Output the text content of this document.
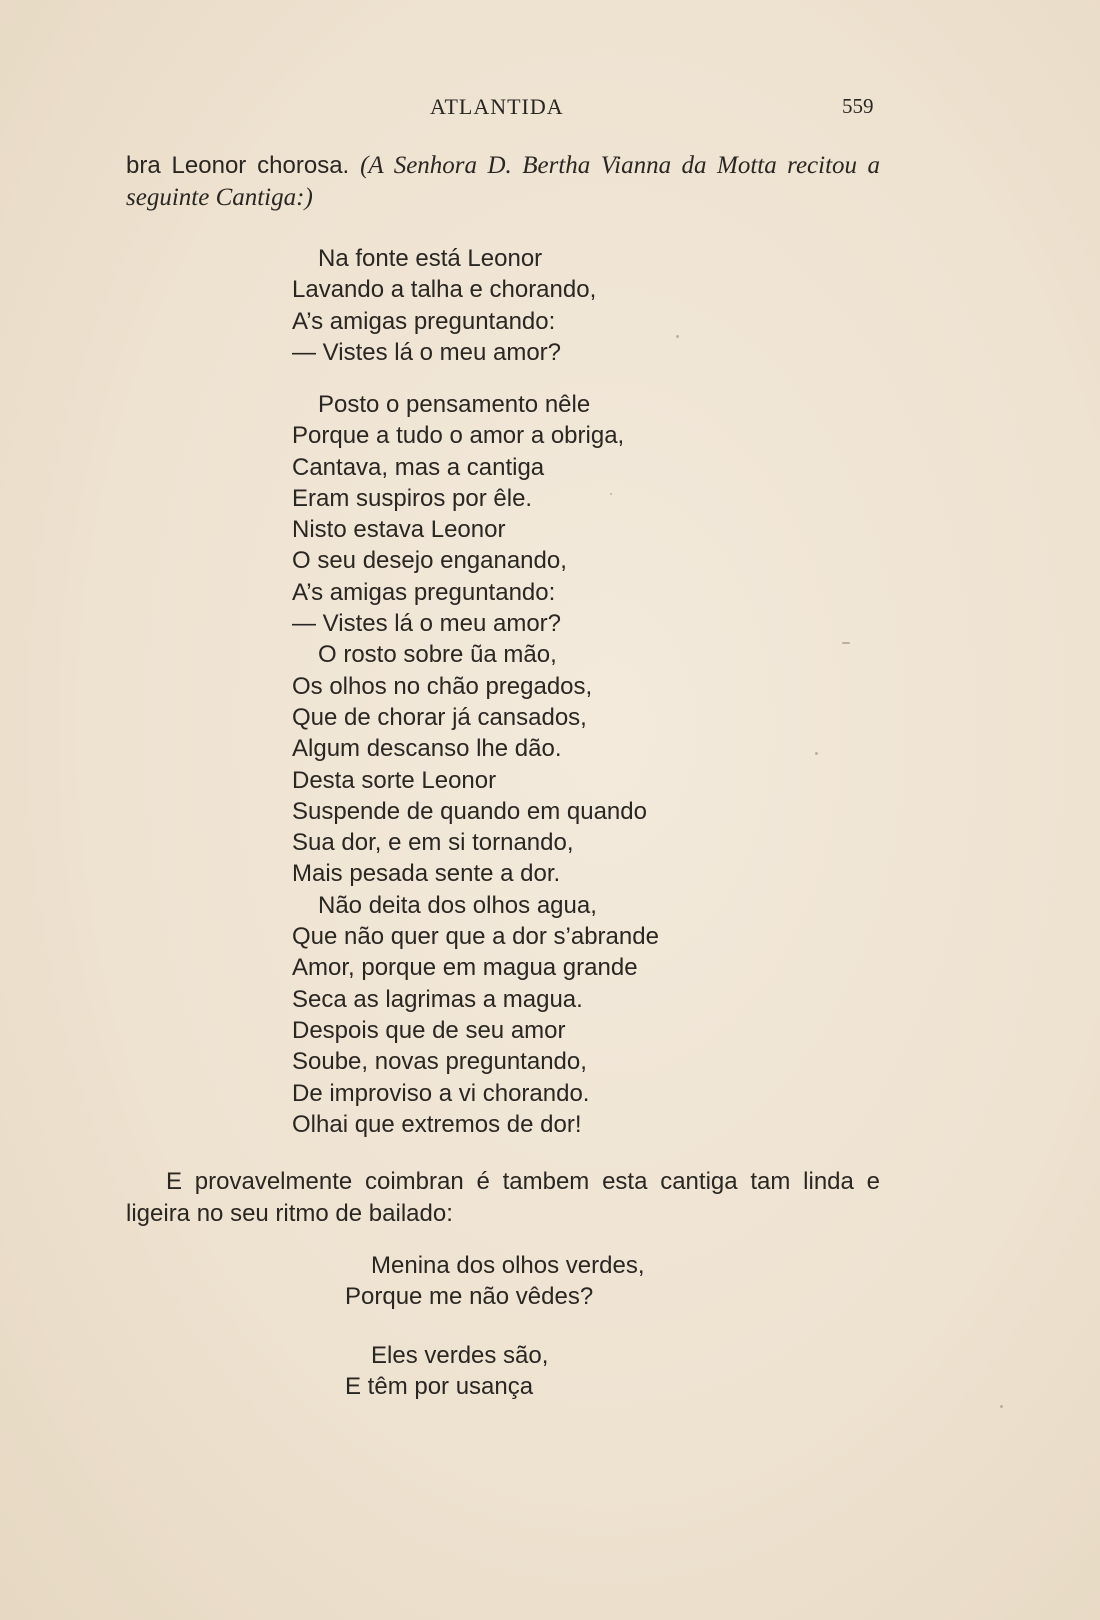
ATLANTIDA	559

bra Leonor chorosa. (A Senhora D. Bertha Vianna da Motta recitou a seguinte Cantiga:)

Na fonte está Leonor
Lavando a talha e chorando,
A’s amigas preguntando:
— Vistes lá o meu amor?
Posto o pensamento nêle
Porque a tudo o amor a obriga,
Cantava, mas a cantiga
Eram suspiros por êle.
Nisto estava Leonor
O seu desejo enganando,
A’s amigas preguntando:
— Vistes lá o meu amor?
O rosto sobre ũa mão,
Os olhos no chão pregados,
Que de chorar já cansados,
Algum descanso lhe dão.
Desta sorte Leonor
Suspende de quando em quando
Sua dor, e em si tornando,
Mais pesada sente a dor.
Não deita dos olhos agua,
Que não quer que a dor s’abrande
Amor, porque em magua grande
Seca as lagrimas a magua.
Despois que de seu amor
Soube, novas preguntando,
De improviso a vi chorando.
Olhai que extremos de dor!

E provavelmente coimbran é tambem esta cantiga tam linda e ligeira no seu ritmo de bailado:

Menina dos olhos verdes,
Porque me não vêdes?
Eles verdes são,
E têm por usança
